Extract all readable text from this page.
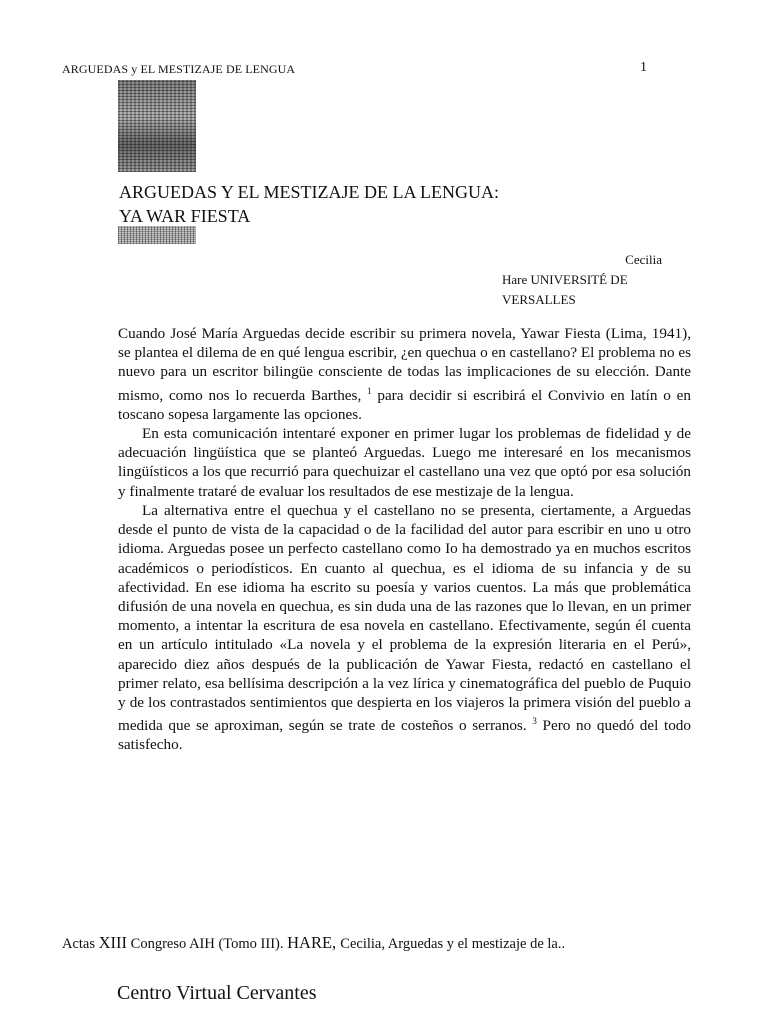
ARGUEDAS y EL MESTIZAJE DE LENGUA	1
ARGUEDAS Y EL MESTIZAJE DE LA LENGUA:
YA WAR FIESTA
Cecilia
Hare UNIVERSITÉ DE
VERSALLES

Cuando José María Arguedas decide escribir su primera novela, Yawar Fiesta (Lima, 1941), se plantea el dilema de en qué lengua escribir, ¿en quechua o en castellano? El problema no es nuevo para un escritor bilingüe consciente de todas las implicaciones de su elección. Dante mismo, como nos lo recuerda Barthes, $^1$ para decidir si escribirá el Convivio en latín o en toscano sopesa largamente las opciones.

En esta comunicación intentaré exponer en primer lugar los problemas de fidelidad y de adecuación lingüística que se planteó Arguedas. Luego me interesaré en los mecanismos lingüísticos a los que recurrió para quechuizar el castellano una vez que optó por esa solución y finalmente trataré de evaluar los resultados de ese mestizaje de la lengua.

La alternativa entre el quechua y el castellano no se presenta, ciertamente, a Arguedas desde el punto de vista de la capacidad o de la facilidad del autor para escribir en uno u otro idioma. Arguedas posee un perfecto castellano como Io ha demostrado ya en muchos escritos académicos o periodísticos. En cuanto al quechua, es el idioma de su infancia y de su afectividad. En ese idioma ha escrito su poesía y varios cuentos. La más que problemática difusión de una novela en quechua, es sin duda una de las razones que lo llevan, en un primer momento, a intentar la escritura de esa novela en castellano. Efectivamente, según él cuenta en un artículo intitulado «La novela y el problema de la expresión literaria en el Perú», aparecido diez años después de la publicación de Yawar Fiesta, redactó en castellano el primer relato, esa bellísima descripción a la vez lírica y cinematográfica del pueblo de Puquio y de los contrastados sentimientos que despierta en los viajeros la primera visión del pueblo a medida que se aproximan, según se trate de costeños o serranos. $^3$ Pero no quedó del todo satisfecho.

Actas XIII Congreso AIH (Tomo III). HARE, Cecilia, Arguedas y el mestizaje de la..
Centro Virtual Cervantes
